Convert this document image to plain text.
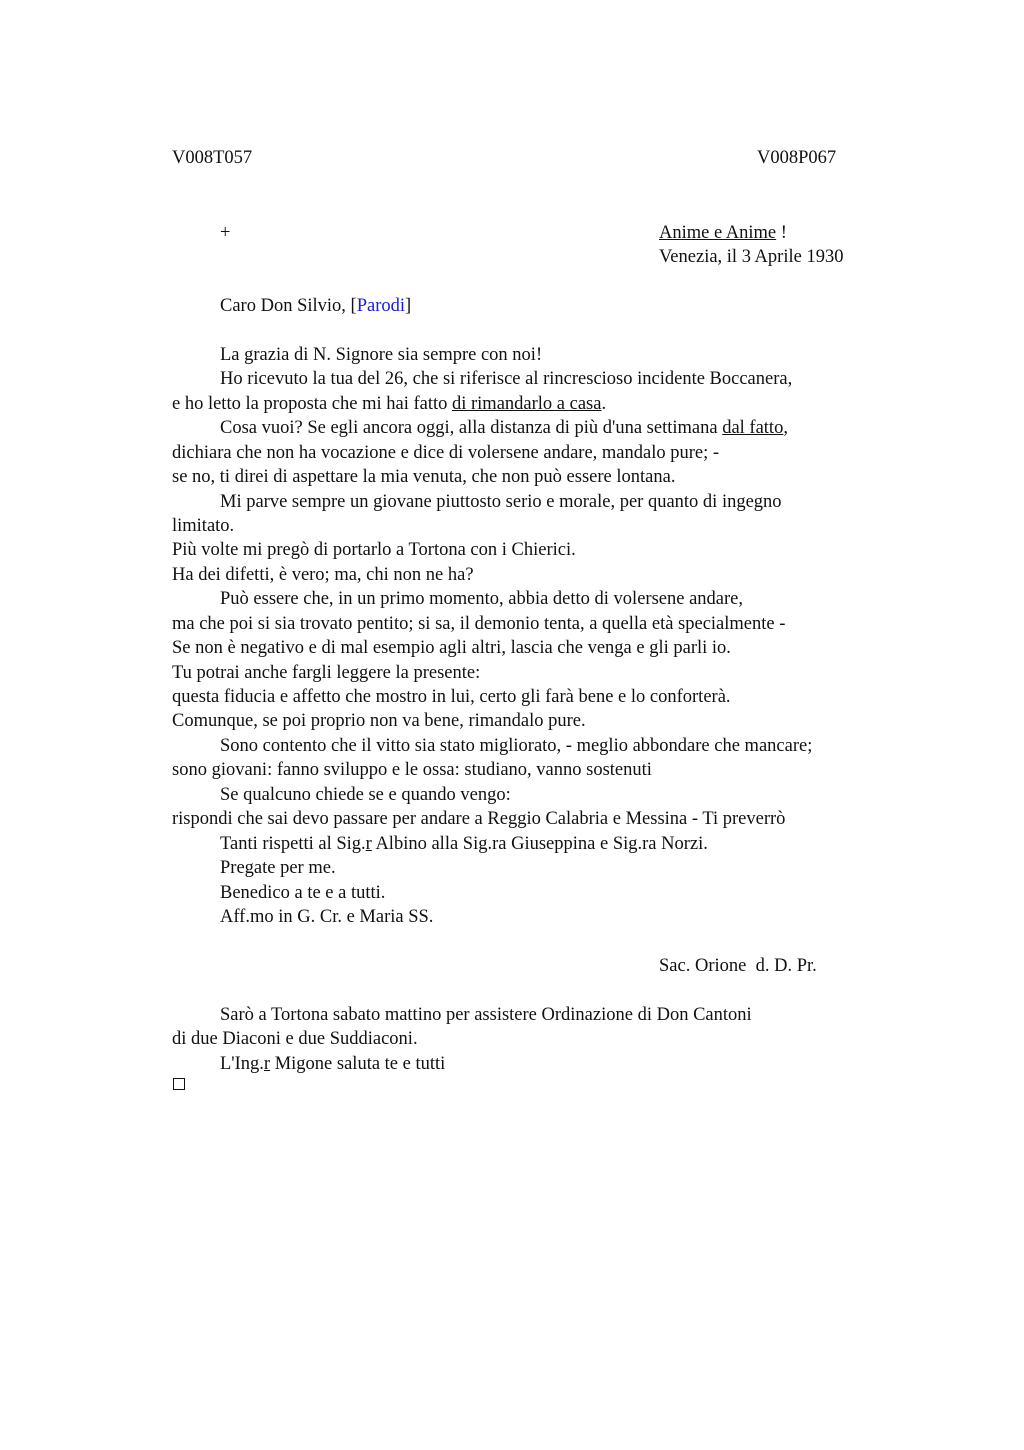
V008T057	V008P067
+	Anime e Anime !
Venezia, il 3 Aprile 1930
Caro Don Silvio, [Parodi]
La grazia di N. Signore sia sempre con noi!
Ho ricevuto la tua del 26, che si riferisce al rincrescioso incidente Boccanera,
e ho letto la proposta che mi hai fatto di rimandarlo a casa.
Cosa vuoi? Se egli ancora oggi, alla distanza di più d'una settimana dal fatto,
dichiara che non ha vocazione e dice di volersene andare, mandalo pure; -
se no, ti direi di aspettare la mia venuta, che non può essere lontana.
Mi parve sempre un giovane piuttosto serio e morale, per quanto di ingegno
limitato.
Più volte mi pregò di portarlo a Tortona con i Chierici.
Ha dei difetti, è vero; ma, chi non ne ha?
Può essere che, in un primo momento, abbia detto di volersene andare,
ma che poi si sia trovato pentito; si sa, il demonio tenta, a quella età specialmente -
Se non è negativo e di mal esempio agli altri, lascia che venga e gli parli io.
Tu potrai anche fargli leggere la presente:
questa fiducia e affetto che mostro in lui, certo gli farà bene e lo conforterà.
Comunque, se poi proprio non va bene, rimandalo pure.
Sono contento che il vitto sia stato migliorato, - meglio abbondare che mancare;
sono giovani: fanno sviluppo e le ossa: studiano, vanno sostenuti
Se qualcuno chiede se e quando vengo:
rispondi che sai devo passare per andare a Reggio Calabria e Messina - Ti preverrò
Tanti rispetti al Sig.r Albino alla Sig.ra Giuseppina e Sig.ra Norzi.
Pregate per me.
Benedico a te e a tutti.
Aff.mo in G. Cr. e Maria SS.
Sac. Orione  d. D. Pr.
Sarò a Tortona sabato mattino per assistere Ordinazione di Don Cantoni
di due Diaconi e due Suddiaconi.
L'Ing.r Migone saluta te e tutti
